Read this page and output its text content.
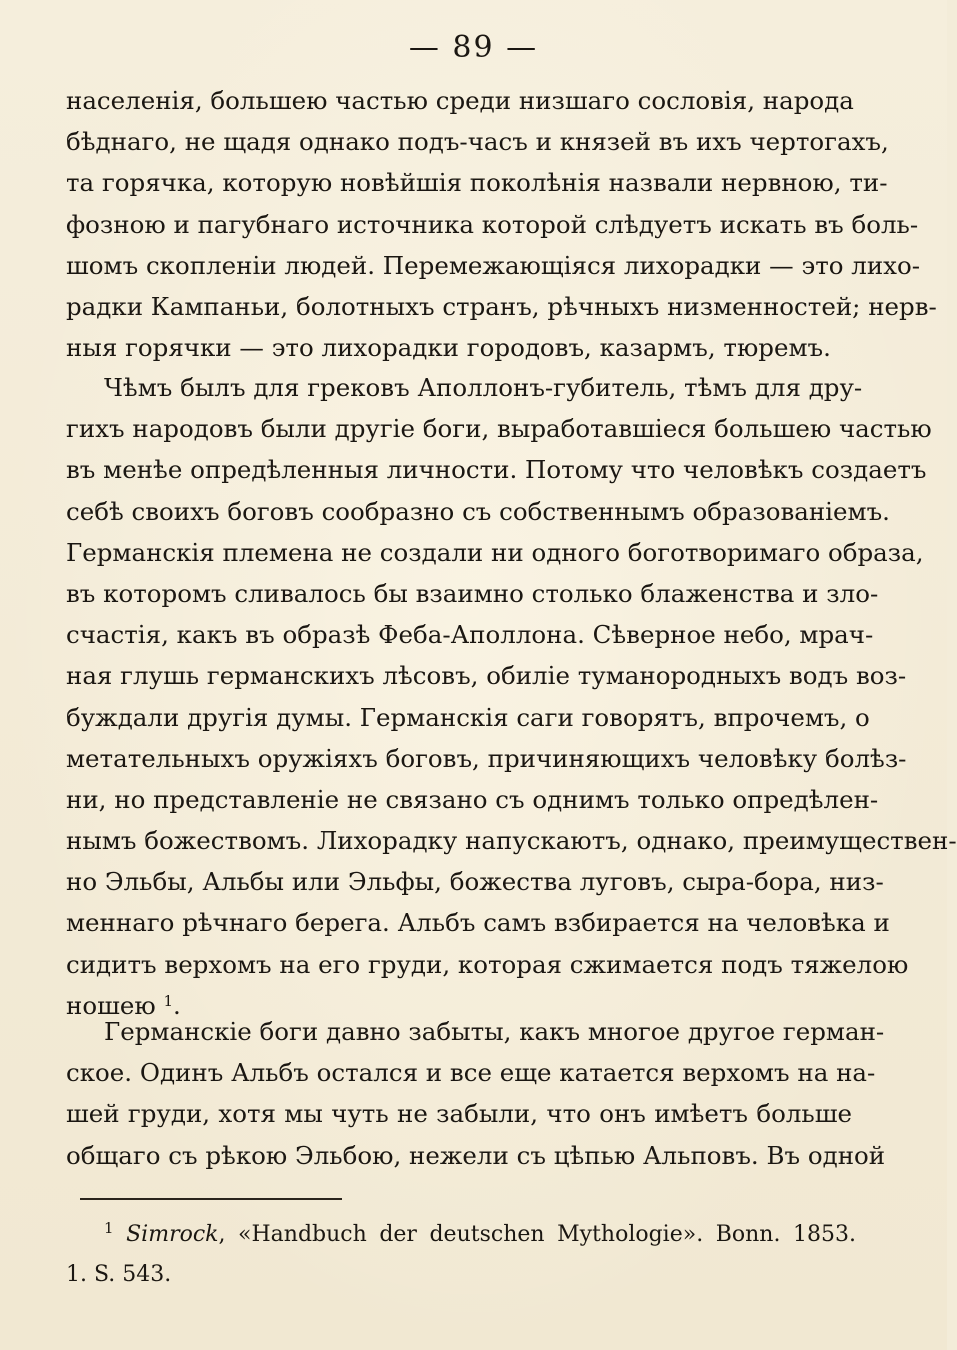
— 89 —
населенія, большею частью среди низшаго сословія, народа
бѣднаго, не щадя однако подъ-часъ и князей въ ихъ чертогахъ,
та горячка, которую новѣйшія поколѣнія назвали нервною, ти-
фозною и пагубнаго источника которой слѣдуетъ искать въ боль-
шомъ скопленіи людей. Перемежающіяся лихорадки — это лихо-
радки Кампаньи, болотныхъ странъ, рѣчныхъ низменностей; нерв-
ныя горячки — это лихорадки городовъ, казармъ, тюремъ.
Чѣмъ былъ для грековъ Аполлонъ-губитель, тѣмъ для дру-
гихъ народовъ были другіе боги, выработавшіеся большею частью
въ менѣе опредѣленныя личности. Потому что человѣкъ создаетъ
себѣ своихъ боговъ сообразно съ собственнымъ образованіемъ.
Германскія племена не создали ни одного боготворимаго образа,
въ которомъ сливалось бы взаимно столько блаженства и зло-
счастія, какъ въ образѣ Феба-Аполлона. Сѣверное небо, мрач-
ная глушь германскихъ лѣсовъ, обиліе туманородныхъ водъ воз-
буждали другія думы. Германскія саги говорятъ, впрочемъ, о
метательныхъ оружіяхъ боговъ, причиняющихъ человѣку болѣз-
ни, но представленіе не связано съ однимъ только опредѣлен-
нымъ божествомъ. Лихорадку напускаютъ, однако, преимуществен-
но Эльбы, Альбы или Эльфы, божества луговъ, сыра-бора, низ-
меннаго рѣчнаго берега. Альбъ самъ взбирается на человѣка и
сидитъ верхомъ на его груди, которая сжимается подъ тяжелою
ношею $^1$.
Германскіе боги давно забыты, какъ многое другое герман-
ское. Одинъ Альбъ остался и все еще катается верхомъ на на-
шей груди, хотя мы чуть не забыли, что онъ имѣетъ больше
общаго съ рѣкою Эльбою, нежели съ цѣпью Альповъ. Въ одной
$^1$ Simrock, «Handbuch der deutschen Mythologie». Bonn. 1853.
1. S. 543.
